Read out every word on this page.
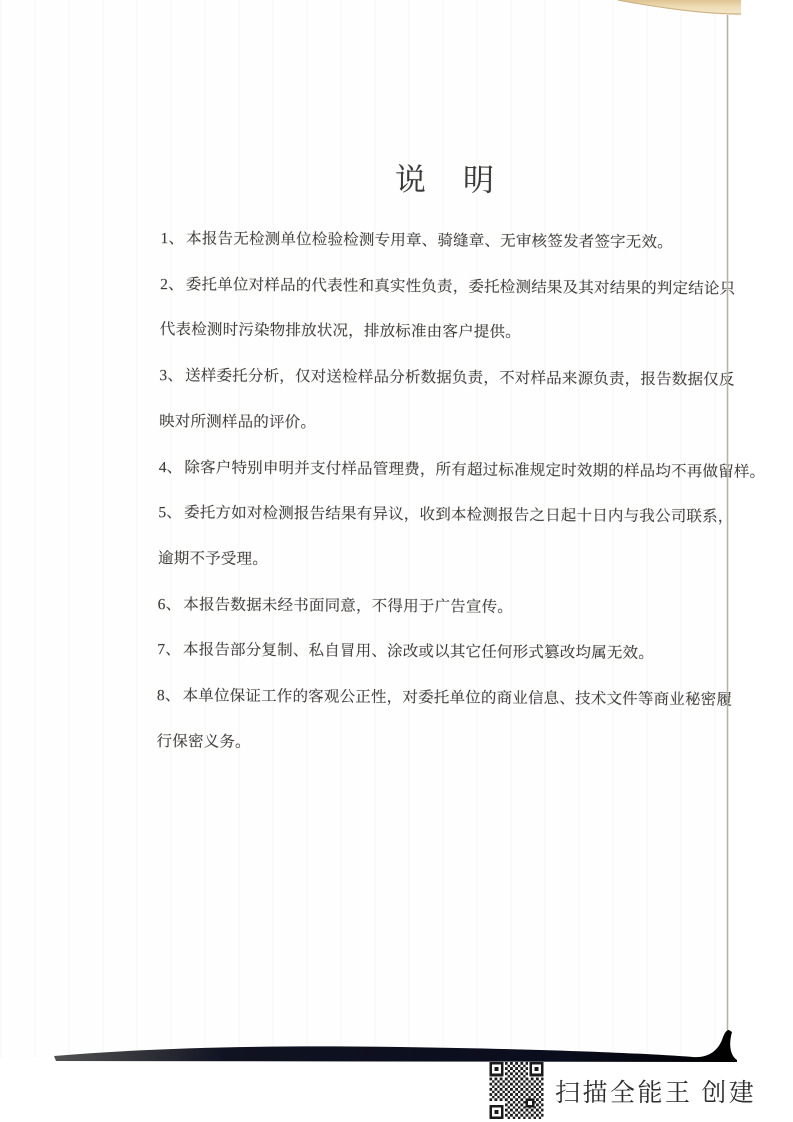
说　明
1、 本报告无检测单位检验检测专用章、骑缝章、无审核签发者签字无效。
2、 委托单位对样品的代表性和真实性负责，委托检测结果及其对结果的判定结论只
代表检测时污染物排放状况，排放标准由客户提供。
3、 送样委托分析，仅对送检样品分析数据负责，不对样品来源负责，报告数据仅反
映对所测样品的评价。
4、 除客户特别申明并支付样品管理费，所有超过标准规定时效期的样品均不再做留样。
5、 委托方如对检测报告结果有异议，收到本检测报告之日起十日内与我公司联系，
逾期不予受理。
6、 本报告数据未经书面同意，不得用于广告宣传。
7、 本报告部分复制、私自冒用、涂改或以其它任何形式篡改均属无效。
8、 本单位保证工作的客观公正性，对委托单位的商业信息、技术文件等商业秘密履
行保密义务。
扫描全能王 创建
